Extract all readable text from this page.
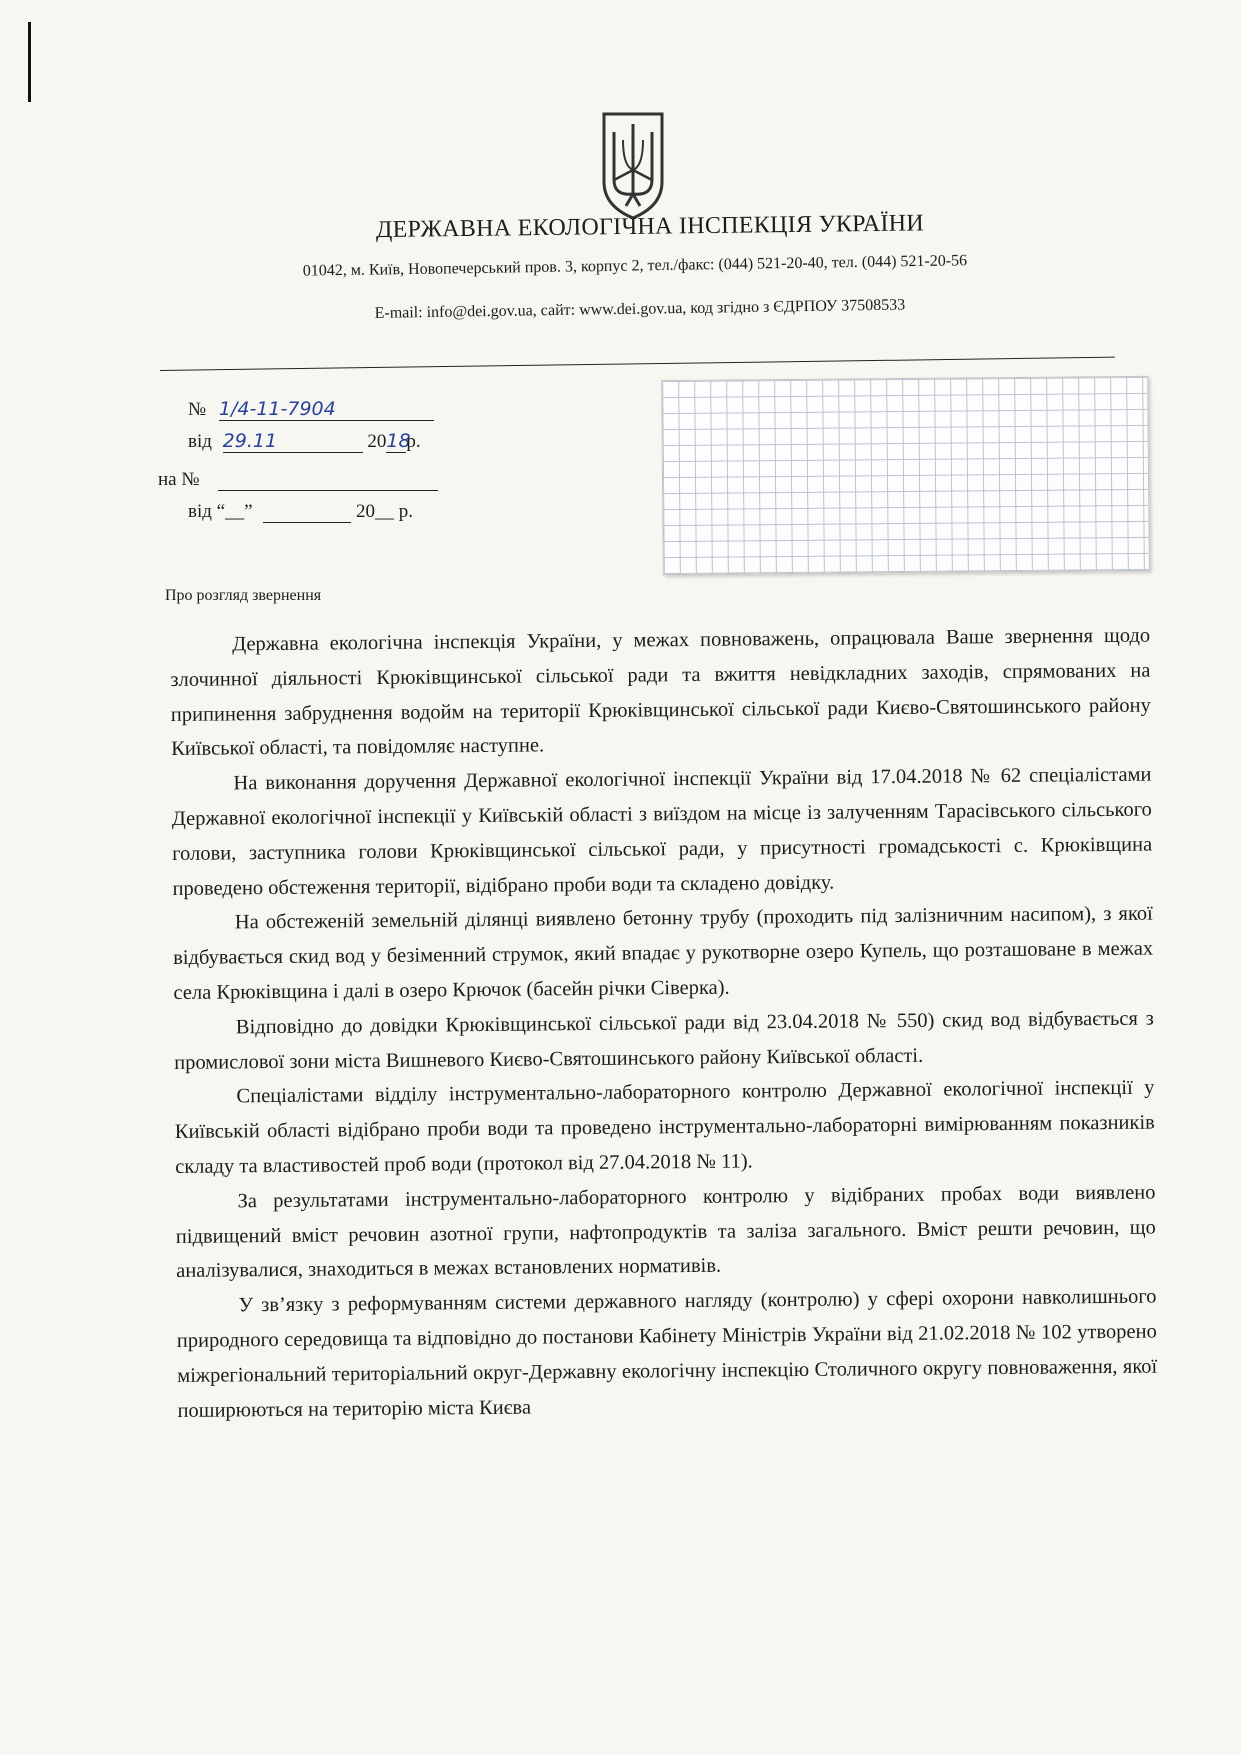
ДЕРЖАВНА ЕКОЛОГІЧНА ІНСПЕКЦІЯ УКРАЇНИ
01042, м. Київ, Новопечерський пров. 3, корпус 2, тел./факс: (044) 521-20-40, тел. (044) 521-20-56
E-mail: info@dei.gov.ua, сайт: www.dei.gov.ua, код згідно з ЄДРПОУ 37508533
№ 1/4-11-7904
від 29.11	2018р.
на №
від “__”	20__ р.
Про розгляд звернення

Державна екологічна інспекція України, у межах повноважень, опрацювала Ваше звернення щодо злочинної діяльності Крюківщинської сільської ради та вжиття невідкладних заходів, спрямованих на припинення забруднення водойм на території Крюківщинської сільської ради Києво-Святошинського району Київської області, та повідомляє наступне.

На виконання доручення Державної екологічної інспекції України від 17.04.2018 № 62 спеціалістами Державної екологічної інспекції у Київській області з виїздом на місце із залученням Тарасівського сільського голови, заступника голови Крюківщинської сільської ради, у присутності громадськості с. Крюківщина проведено обстеження території, відібрано проби води та складено довідку.

На обстеженій земельній ділянці виявлено бетонну трубу (проходить під залізничним насипом), з якої відбувається скид вод у безіменний струмок, який впадає у рукотворне озеро Купель, що розташоване в межах села Крюківщина і далі в озеро Крючок (басейн річки Сіверка).

Відповідно до довідки Крюківщинської сільської ради від 23.04.2018 № 550) скид вод відбувається з промислової зони міста Вишневого Києво-Святошинського району Київської області.

Спеціалістами відділу інструментально-лабораторного контролю Державної екологічної інспекції у Київській області відібрано проби води та проведено інструментально-лабораторні вимірюванням показників складу та властивостей проб води (протокол від 27.04.2018 № 11).

За результатами інструментально-лабораторного контролю у відібраних пробах води виявлено підвищений вміст речовин азотної групи, нафтопродуктів та заліза загального. Вміст решти речовин, що аналізувалися, знаходиться в межах встановлених нормативів.

У зв’язку з реформуванням системи державного нагляду (контролю) у сфері охорони навколишнього природного середовища та відповідно до постанови Кабінету Міністрів України від 21.02.2018 № 102 утворено міжрегіональний територіальний округ-Державну екологічну інспекцію Столичного округу повноваження, якої поширюються на територію міста Києва
